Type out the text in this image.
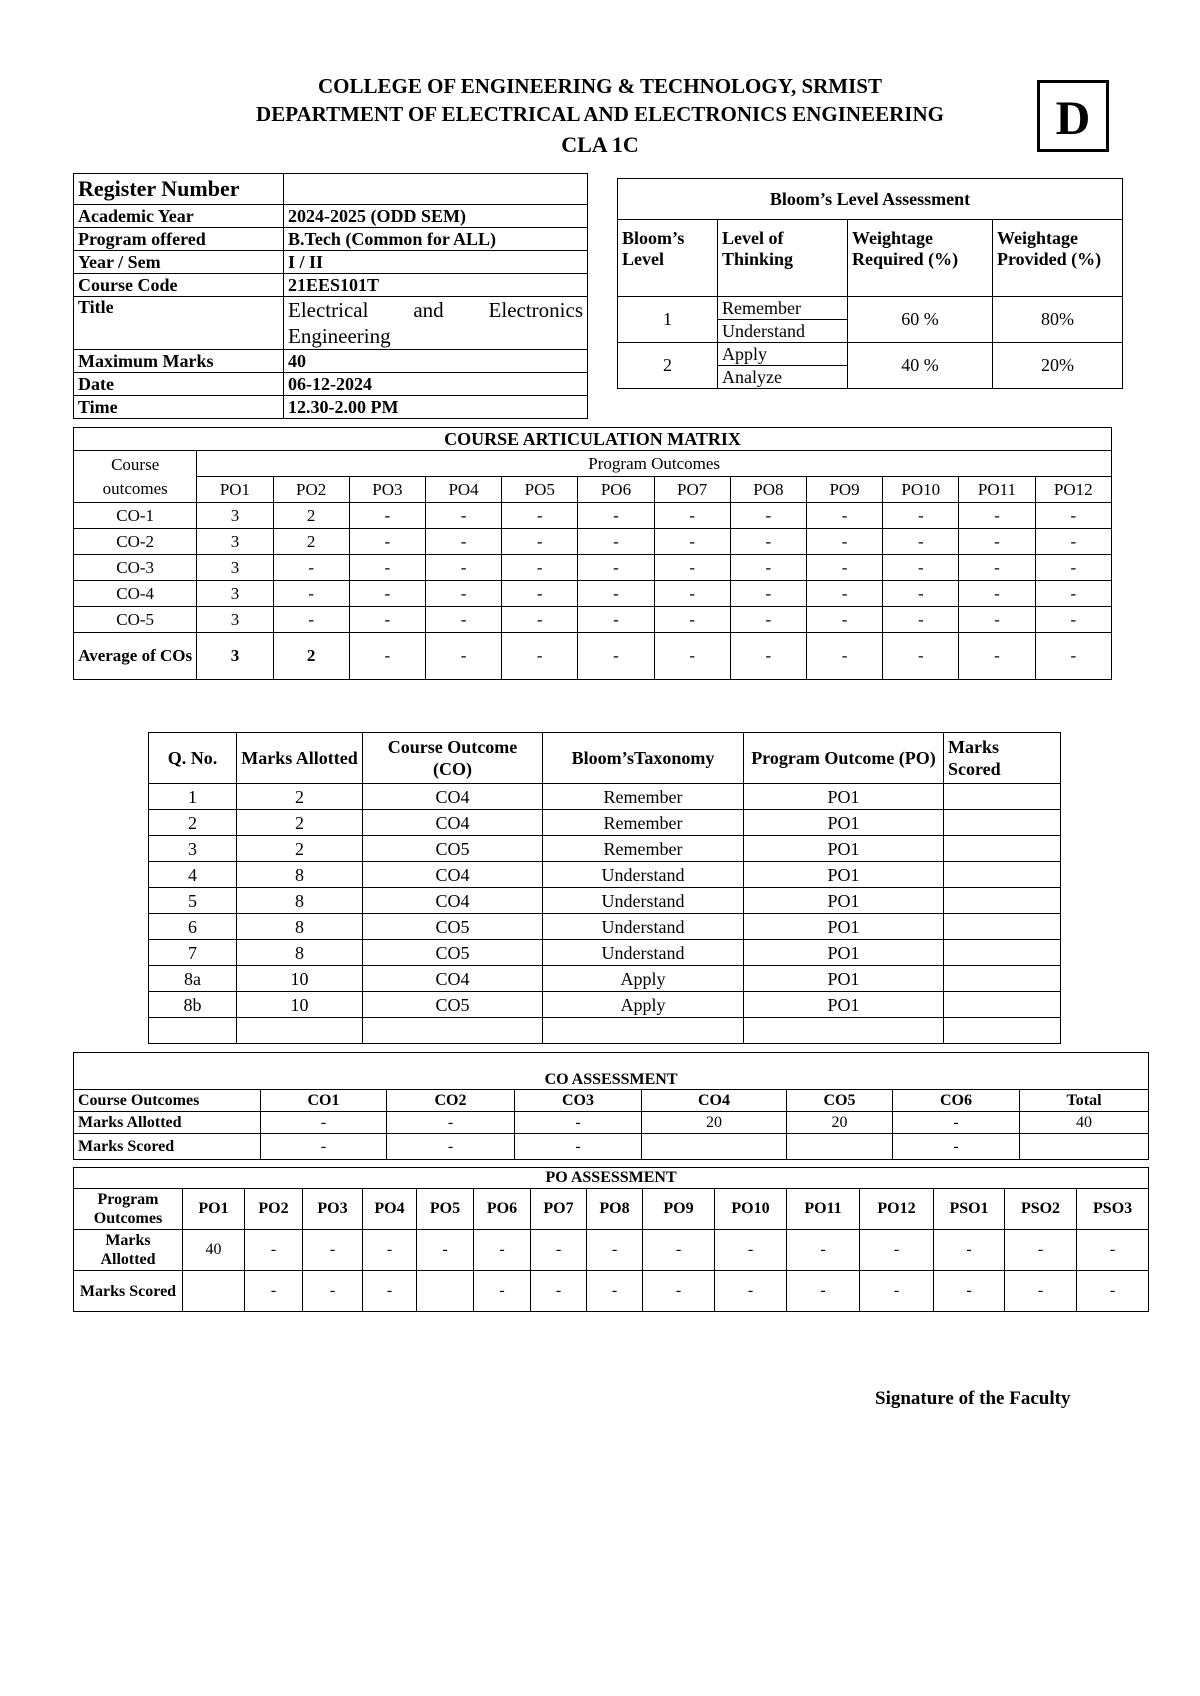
COLLEGE OF ENGINEERING & TECHNOLOGY, SRMIST
DEPARTMENT OF ELECTRICAL AND ELECTRONICS ENGINEERING
CLA 1C	D
Register Number	
Academic Year	2024-2025 (ODD SEM)
Program offered	B.Tech (Common for ALL)
Year / Sem	I / II
Course Code	21EES101T
Title	Electrical and Electronics Engineering
Maximum Marks	40
Date	06-12-2024
Time	12.30-2.00 PM
Bloom’s Level Assessment			
Bloom’s Level	Level of Thinking	Weightage Required (%)	Weightage Provided (%)
1	Remember	60 %	80%
	Understand		
2	Apply	40 %	20%
	Analyze		
COURSE ARTICULATION MATRIX												
Course outcomes	Program Outcomes											
	PO1	PO2	PO3	PO4	PO5	PO6	PO7	PO8	PO9	PO10	PO11	PO12
CO-1	3	2	-	-	-	-	-	-	-	-	-	-
CO-2	3	2	-	-	-	-	-	-	-	-	-	-
CO-3	3	-	-	-	-	-	-	-	-	-	-	-
CO-4	3	-	-	-	-	-	-	-	-	-	-	-
CO-5	3	-	-	-	-	-	-	-	-	-	-	-
Average of COs	3	2	-	-	-	-	-	-	-	-	-	-
Q. No.	Marks Allotted	Course Outcome (CO)	Bloom’sTaxonomy	Program Outcome (PO)	Marks Scored
1	2	CO4	Remember	PO1	
2	2	CO4	Remember	PO1	
3	2	CO5	Remember	PO1	
4	8	CO4	Understand	PO1	
5	8	CO4	Understand	PO1	
6	8	CO5	Understand	PO1	
7	8	CO5	Understand	PO1	
8a	10	CO4	Apply	PO1	
8b	10	CO5	Apply	PO1	

CO ASSESSMENT							
Course Outcomes	CO1	CO2	CO3	CO4	CO5	CO6	Total
Marks Allotted	-	-	-	20	20	-	40
Marks Scored	-	-	-			-	
PO ASSESSMENT															
Program Outcomes	PO1	PO2	PO3	PO4	PO5	PO6	PO7	PO8	PO9	PO10	PO11	PO12	PSO1	PSO2	PSO3
Marks Allotted	40	-	-	-	-	-	-	-	-	-	-	-	-	-	-
Marks Scored		-	-	-		-	-	-	-	-	-	-	-	-	-
Signature of the Faculty
